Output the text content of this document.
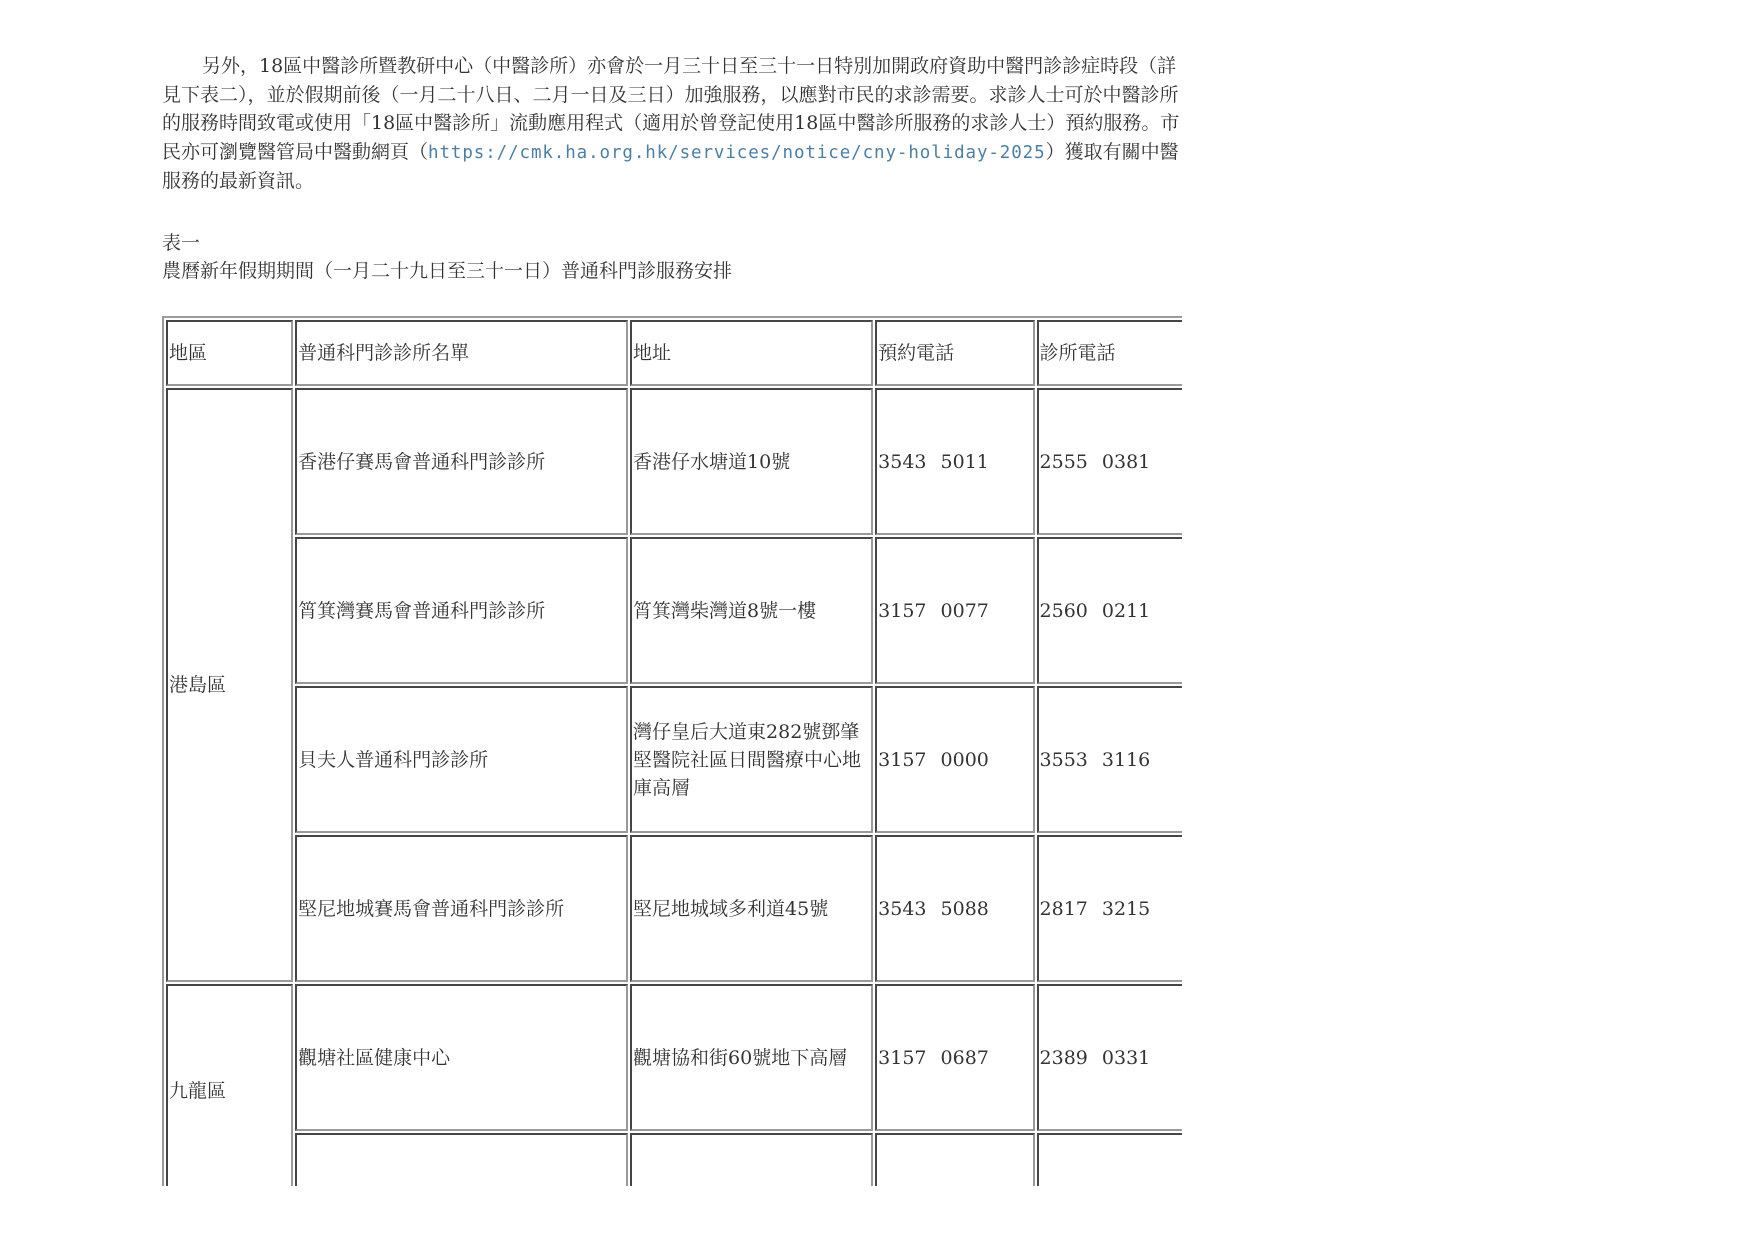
另外，18區中醫診所暨教研中心（中醫診所）亦會於一月三十日至三十一日特別加開政府資助中醫門診診症時段（詳見下表二），並於假期前後（一月二十八日、二月一日及三日）加強服務，以應對市民的求診需要。求診人士可於中醫診所的服務時間致電或使用「18區中醫診所」流動應用程式（適用於曾登記使用18區中醫診所服務的求診人士）預約服務。市民亦可瀏覽醫管局中醫動網頁（https://cmk.ha.org.hk/services/notice/cny-holiday-2025）獲取有關中醫服務的最新資訊。

表一

農曆新年假期期間（一月二十九日至三十一日）普通科門診服務安排

地區	普通科門診診所名單	地址	預約電話	診所電話
港島區	香港仔賽馬會普通科門診診所	香港仔水塘道10號	3543 5011	2555 0381
	筲箕灣賽馬會普通科門診診所	筲箕灣柴灣道8號一樓	3157 0077	2560 0211
	貝夫人普通科門診診所	灣仔皇后大道東282號鄧肇堅醫院社區日間醫療中心地庫高層	3157 0000	3553 3116
	堅尼地城賽馬會普通科門診診所	堅尼地城域多利道45號	3543 5088	2817 3215
九龍區	觀塘社區健康中心	觀塘協和街60號地下高層	3157 0687	2389 0331
